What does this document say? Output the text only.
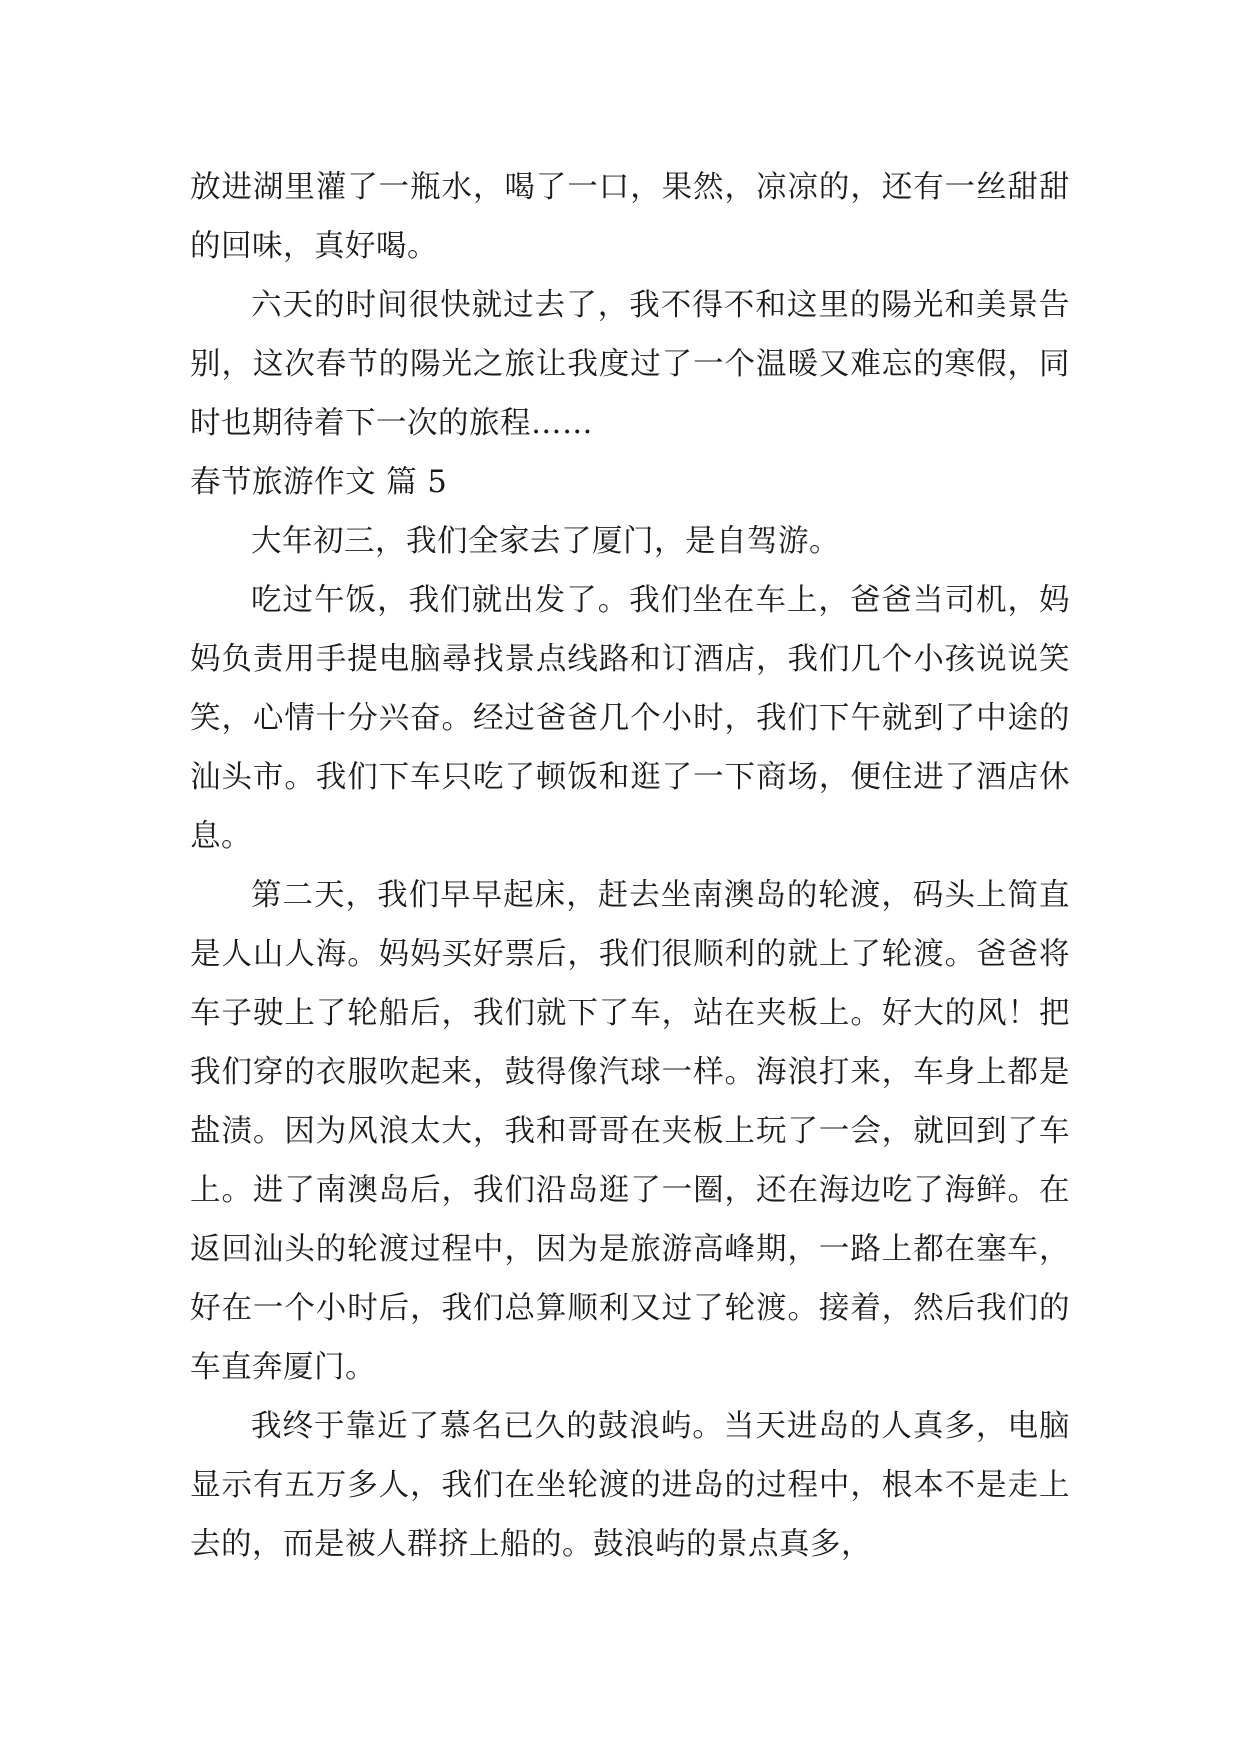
放进湖里灌了一瓶水，喝了一口，果然，凉凉的，还有一丝甜甜的回味，真好喝。

六天的时间很快就过去了，我不得不和这里的陽光和美景告别，这次春节的陽光之旅让我度过了一个温暖又难忘的寒假，同时也期待着下一次的旅程……

春节旅游作文 篇 5

大年初三，我们全家去了厦门，是自驾游。

吃过午饭，我们就出发了。我们坐在车上，爸爸当司机，妈妈负责用手提电脑尋找景点线路和订酒店，我们几个小孩说说笑笑，心情十分兴奋。经过爸爸几个小时，我们下午就到了中途的汕头市。我们下车只吃了顿饭和逛了一下商场，便住进了酒店休息。

第二天，我们早早起床，赶去坐南澳岛的轮渡，码头上简直是人山人海。妈妈买好票后，我们很顺利的就上了轮渡。爸爸将车子驶上了轮船后，我们就下了车，站在夹板上。好大的风！把我们穿的衣服吹起来，鼓得像汽球一样。海浪打来，车身上都是盐渍。因为风浪太大，我和哥哥在夹板上玩了一会，就回到了车上。进了南澳岛后，我们沿岛逛了一圈，还在海边吃了海鲜。在返回汕头的轮渡过程中，因为是旅游高峰期，一路上都在塞车，好在一个小时后，我们总算顺利又过了轮渡。接着，然后我们的车直奔厦门。

我终于靠近了慕名已久的鼓浪屿。当天进岛的人真多，电脑显示有五万多人，我们在坐轮渡的进岛的过程中，根本不是走上去的，而是被人群挤上船的。鼓浪屿的景点真多，
